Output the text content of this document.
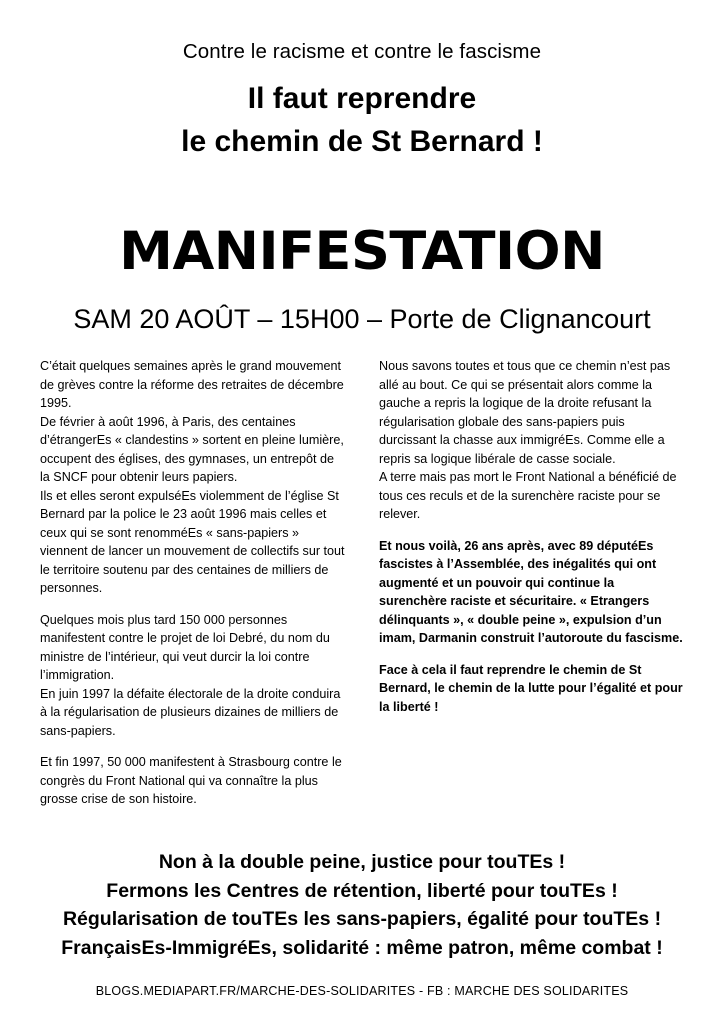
Contre le racisme et contre le fascisme
Il faut reprendre
le chemin de St Bernard !
MANIFESTATION
SAM 20 AOÛT – 15H00 – Porte de Clignancourt

C’était quelques semaines après le grand mouvement de grèves contre la réforme des retraites de décembre 1995.

De février à août 1996, à Paris, des centaines d’étrangerEs « clandestins » sortent en pleine lumière, occupent des églises, des gymnases, un entrepôt de la SNCF pour obtenir leurs papiers.

Ils et elles seront expulséEs violemment de l’église St Bernard par la police le 23 août 1996 mais celles et ceux qui se sont renomméEs « sans-papiers » viennent de lancer un mouvement de collectifs sur tout le territoire soutenu par des centaines de milliers de personnes.

Quelques mois plus tard 150 000 personnes manifestent contre le projet de loi Debré, du nom du ministre de l’intérieur, qui veut durcir la loi contre l’immigration.

En juin 1997 la défaite électorale de la droite conduira à la régularisation de plusieurs dizaines de milliers de sans-papiers.

Et fin 1997, 50 000 manifestent à Strasbourg contre le congrès du Front National qui va connaître la plus grosse crise de son histoire.

Nous savons toutes et tous que ce chemin n’est pas allé au bout. Ce qui se présentait alors comme la gauche a repris la logique de la droite refusant la régularisation globale des sans-papiers puis durcissant la chasse aux immigréEs. Comme elle a repris sa logique libérale de casse sociale.

A terre mais pas mort le Front National a bénéficié de tous ces reculs et de la surenchère raciste pour se relever.

Et nous voilà, 26 ans après, avec 89 députéEs fascistes à l’Assemblée, des inégalités qui ont augmenté et un pouvoir qui continue la surenchère raciste et sécuritaire. « Etrangers délinquants », « double peine », expulsion d’un imam, Darmanin construit l’autoroute du fascisme.

Face à cela il faut reprendre le chemin de St Bernard, le chemin de la lutte pour l’égalité et pour la liberté !

Non à la double peine, justice pour touTEs !
Fermons les Centres de rétention, liberté pour touTEs !
Régularisation de touTEs les sans-papiers, égalité pour touTEs !
FrançaisEs-ImmigréEs, solidarité : même patron, même combat !
BLOGS.MEDIAPART.FR/MARCHE-DES-SOLIDARITES - FB : MARCHE DES SOLIDARITES
